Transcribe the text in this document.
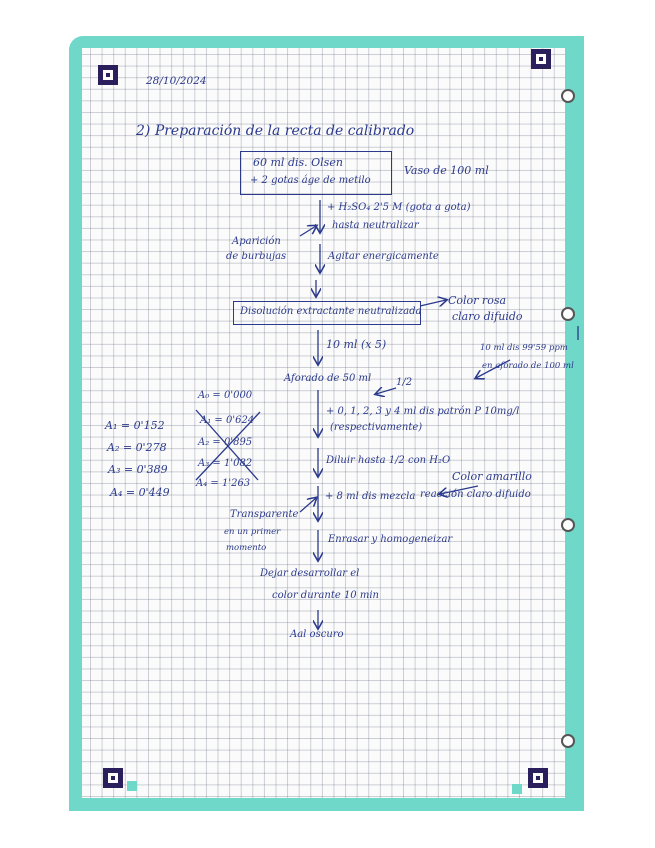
28/10/2024
2) Preparación de la recta de calibrado
60 ml dis. Olsen
+ 2 gotas áge de metilo
Vaso de 100 ml
+ H₂SO₄ 2'5 M (gota a gota)
hasta neutralizar
Aparición
de burbujas	Agitar energicamente
Disolución extractante neutralizada
Color rosa
claro difuido
10 ml (x 5)
Aforado de 50 ml 1/2
10 ml dis 99'59 ppm
en aforado de 100 ml
+ 0, 1, 2, 3 y 4 ml dis patrón P 10mg/l
(respectivamente)
A₀ = 0'000
A₁ = 0'624
A₂ = 0'895
A₃ = 1'082
A₄ = 1'263
A₁ = 0'152
A₂ = 0'278
A₃ = 0'389
A₄ = 0'449
Diluir hasta 1/2 con H₂O
Color amarillo
reacción claro difuido
+ 8 ml dis mezcla
Transparente
en un primer
momento
Enrasar y homogeneizar
Dejar desarrollar el
color durante 10 min
Aal oscuro
